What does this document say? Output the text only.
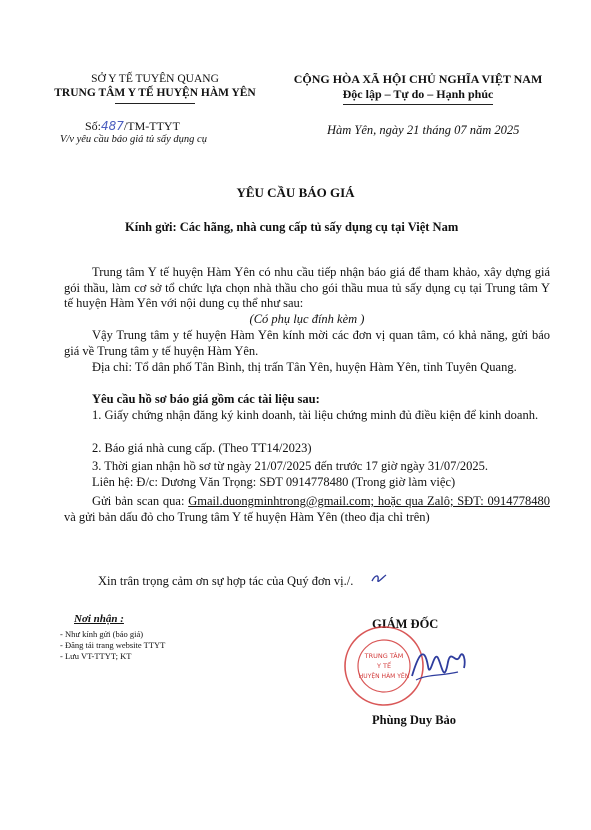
SỞ Y TẾ TUYÊN QUANG
TRUNG TÂM Y TẾ HUYỆN HÀM YÊN
CỘNG HÒA XÃ HỘI CHỦ NGHĨA VIỆT NAM
Độc lập – Tự do – Hạnh phúc
Số:487/TM-TTYT
V/v yêu cầu báo giá tủ sấy dụng cụ
Hàm Yên, ngày 21 tháng 07 năm 2025
YÊU CẦU BÁO GIÁ
Kính gửi: Các hãng, nhà cung cấp tủ sấy dụng cụ tại Việt Nam

Trung tâm Y tế huyện Hàm Yên có nhu cầu tiếp nhận báo giá để tham khảo, xây dựng giá gói thầu, làm cơ sở tổ chức lựa chọn nhà thầu cho gói thầu mua tủ sấy dụng cụ tại Trung tâm Y tế huyện Hàm Yên với nội dung cụ thể như sau:

(Có phụ lục đính kèm )

Vậy Trung tâm y tế huyện Hàm Yên kính mời các đơn vị quan tâm, có khả năng, gửi báo giá về Trung tâm y tế huyện Hàm Yên.

Địa chỉ: Tổ dân phố Tân Bình, thị trấn Tân Yên, huyện Hàm Yên, tỉnh Tuyên Quang.

Yêu cầu hồ sơ báo giá gồm các tài liệu sau:

1. Giấy chứng nhận đăng ký kinh doanh, tài liệu chứng minh đủ điều kiện để kinh doanh.

2. Báo giá nhà cung cấp. (Theo TT14/2023)
3. Thời gian nhận hồ sơ từ ngày 21/07/2025 đến trước 17 giờ ngày 31/07/2025.
Liên hệ: Đ/c: Dương Văn Trọng: SĐT 0914778480 (Trong giờ làm việc)

Gửi bản scan qua: Gmail.duongminhtrong@gmail.com; hoặc qua Zalô; SĐT: 0914778480 và gửi bản dấu đỏ cho Trung tâm Y tế huyện Hàm Yên (theo địa chỉ trên)

Xin trân trọng cảm ơn sự hợp tác của Quý đơn vị./.
Nơi nhận :
- Như kính gửi (báo giá)
- Đăng tải trang website TTYT
- Lưu VT-TTYT; KT
GIÁM ĐỐC
TRUNG TÂM
Y TẾ
HUYỆN HÀM YÊN
Phùng Duy Bảo
